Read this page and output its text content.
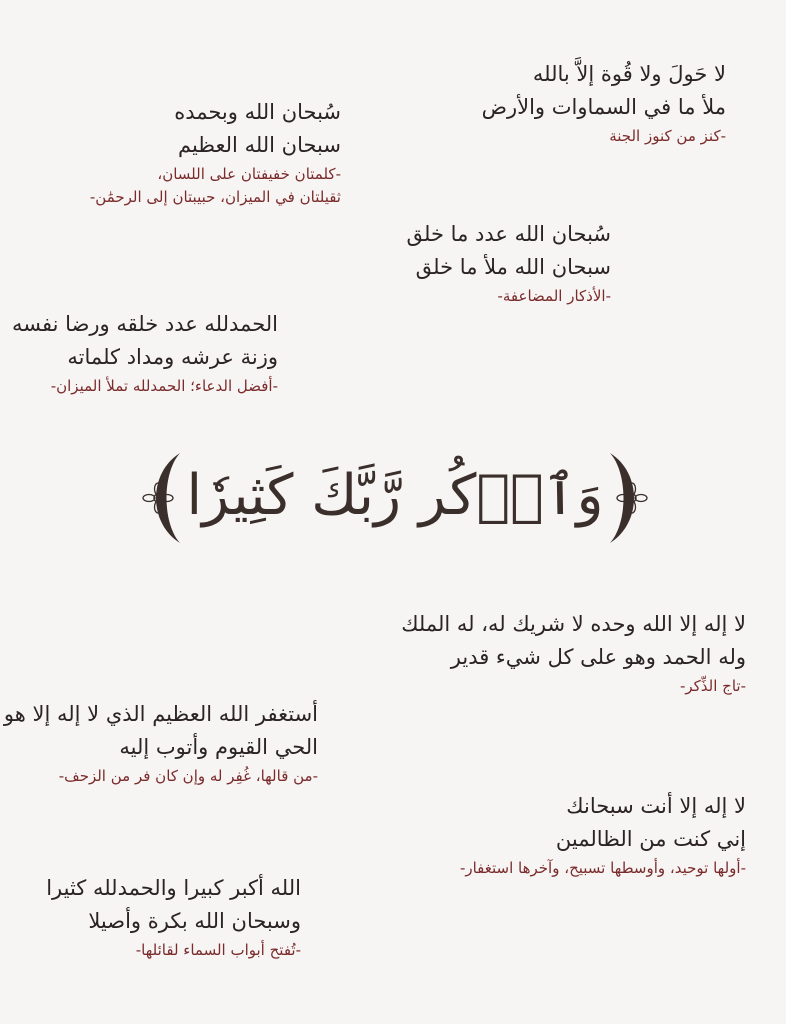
لا حَولَ ولا قُوة إلاَّ بالله
ملأ ما في السماوات والأرض
-كنز من كنوز الجنة
سُبحان الله وبحمده
سبحان الله العظيم
-كلمتان خفيفتان على اللسان،
ثقيلتان في الميزان، حبيبتان إلى الرحمَٰن-
سُبحان الله عدد ما خلق
سبحان الله ملأ ما خلق
-الأذكار المضاعفة-
الحمدلله عدد خلقه ورضا نفسه
وزنة عرشه ومداد كلماته
-أفضل الدعاء؛ الحمدلله تملأ الميزان-
وَٱذۡكُر رَّبَّكَ كَثِيرٗا
لا إله إلا الله وحده لا شريك له، له الملك
وله الحمد وهو على كل شيء قدير
-تاج الذِّكر-
أستغفر الله العظيم الذي لا إله إلا هو
الحي القيوم وأتوب إليه
-من قالها، غُفِر له وإن كان فر من الزحف-
لا إله إلا أنت سبحانك
إني كنت من الظالمين
-أولها توحيد، وأوسطها تسبيح، وآخرها استغفار-
الله أكبر كبيرا والحمدلله كثيرا
وسبحان الله بكرة وأصيلا
-تُفتح أبواب السماء لقائلها-
